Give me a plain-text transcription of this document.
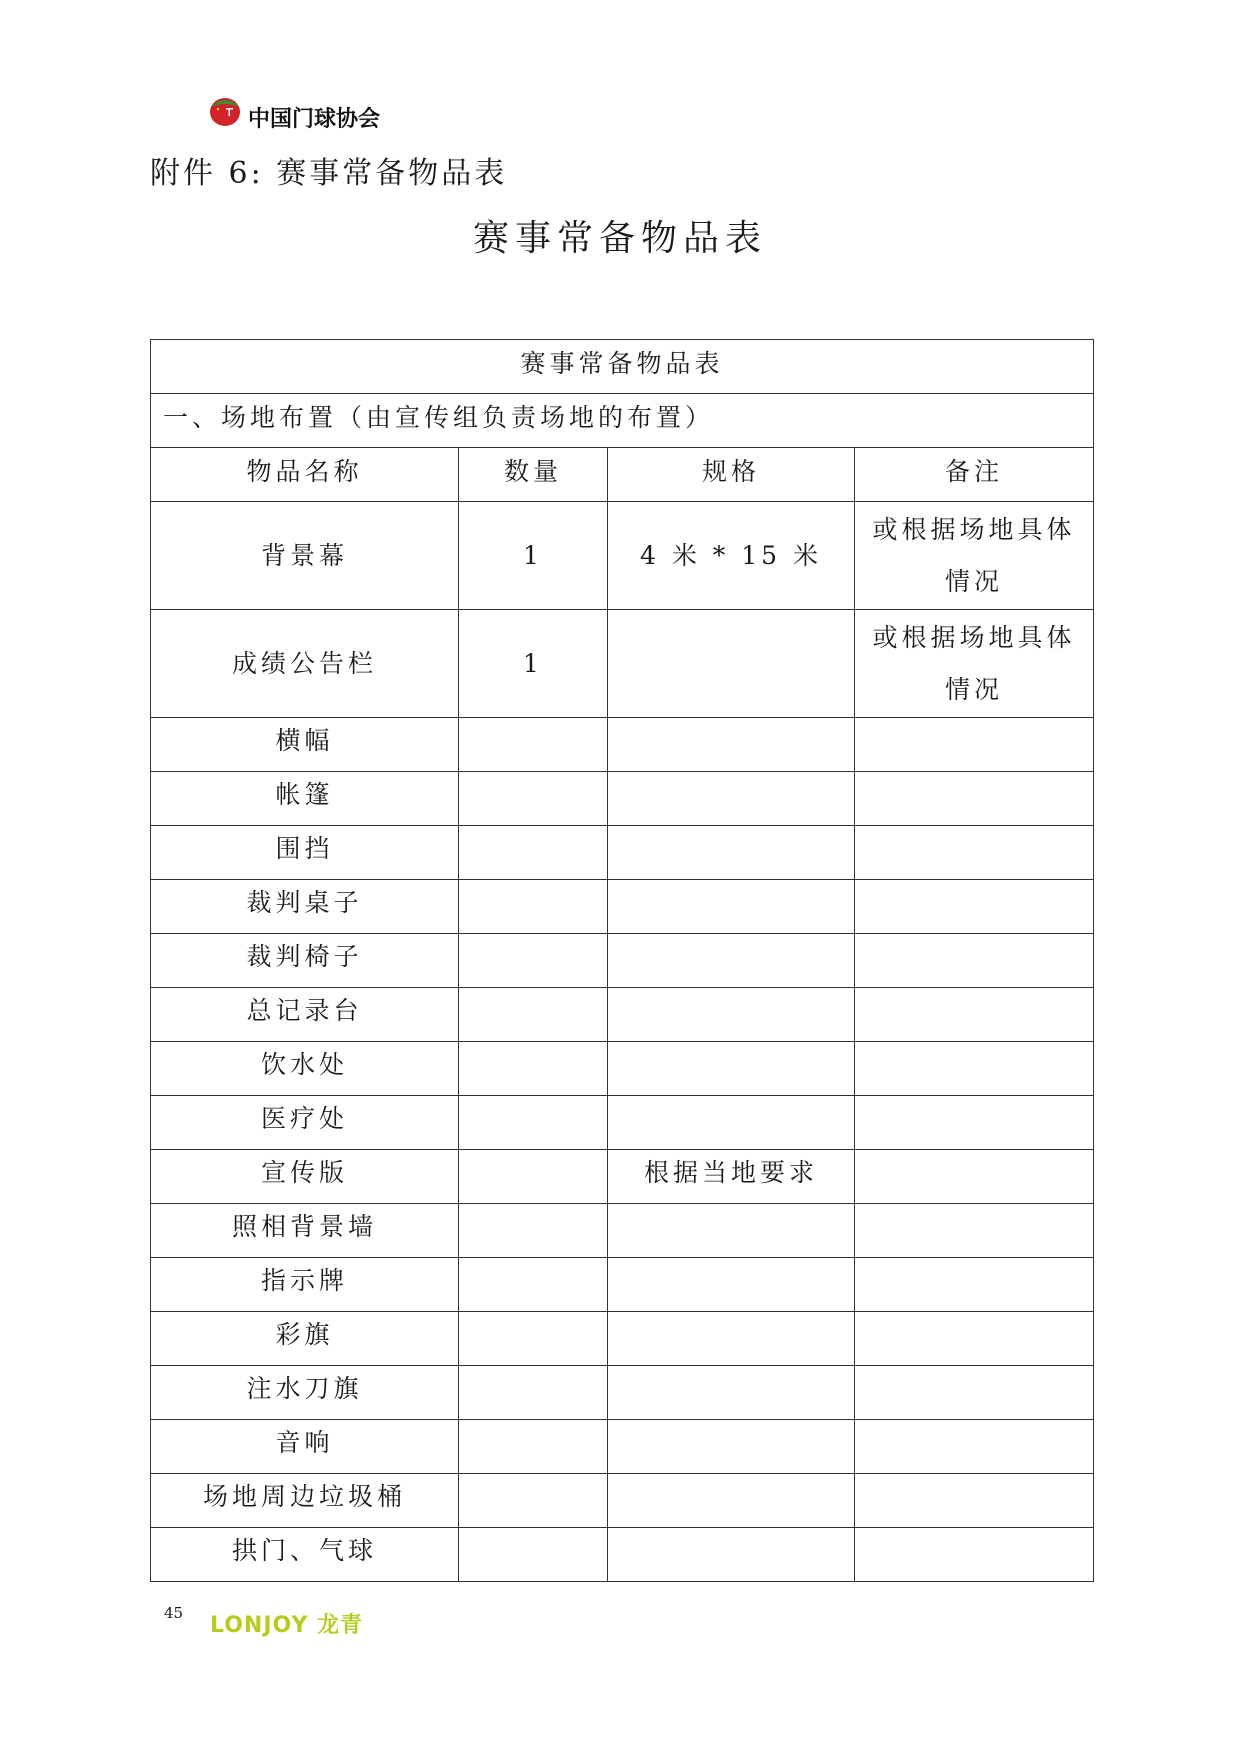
中国门球协会
附件 6: 赛事常备物品表
赛事常备物品表
赛事常备物品表			
一、场地布置（由宣传组负责场地的布置）			
物品名称	数量	规格	备注
背景幕	1	4 米 * 15 米	或根据场地具体情况
成绩公告栏	1		或根据场地具体情况
横幅			
帐篷			
围挡			
裁判桌子			
裁判椅子			
总记录台			
饮水处			
医疗处			
宣传版		根据当地要求	
照相背景墙			
指示牌			
彩旗			
注水刀旗			
音响			
场地周边垃圾桶			
拱门、气球			
45 LONJOY 龙青
